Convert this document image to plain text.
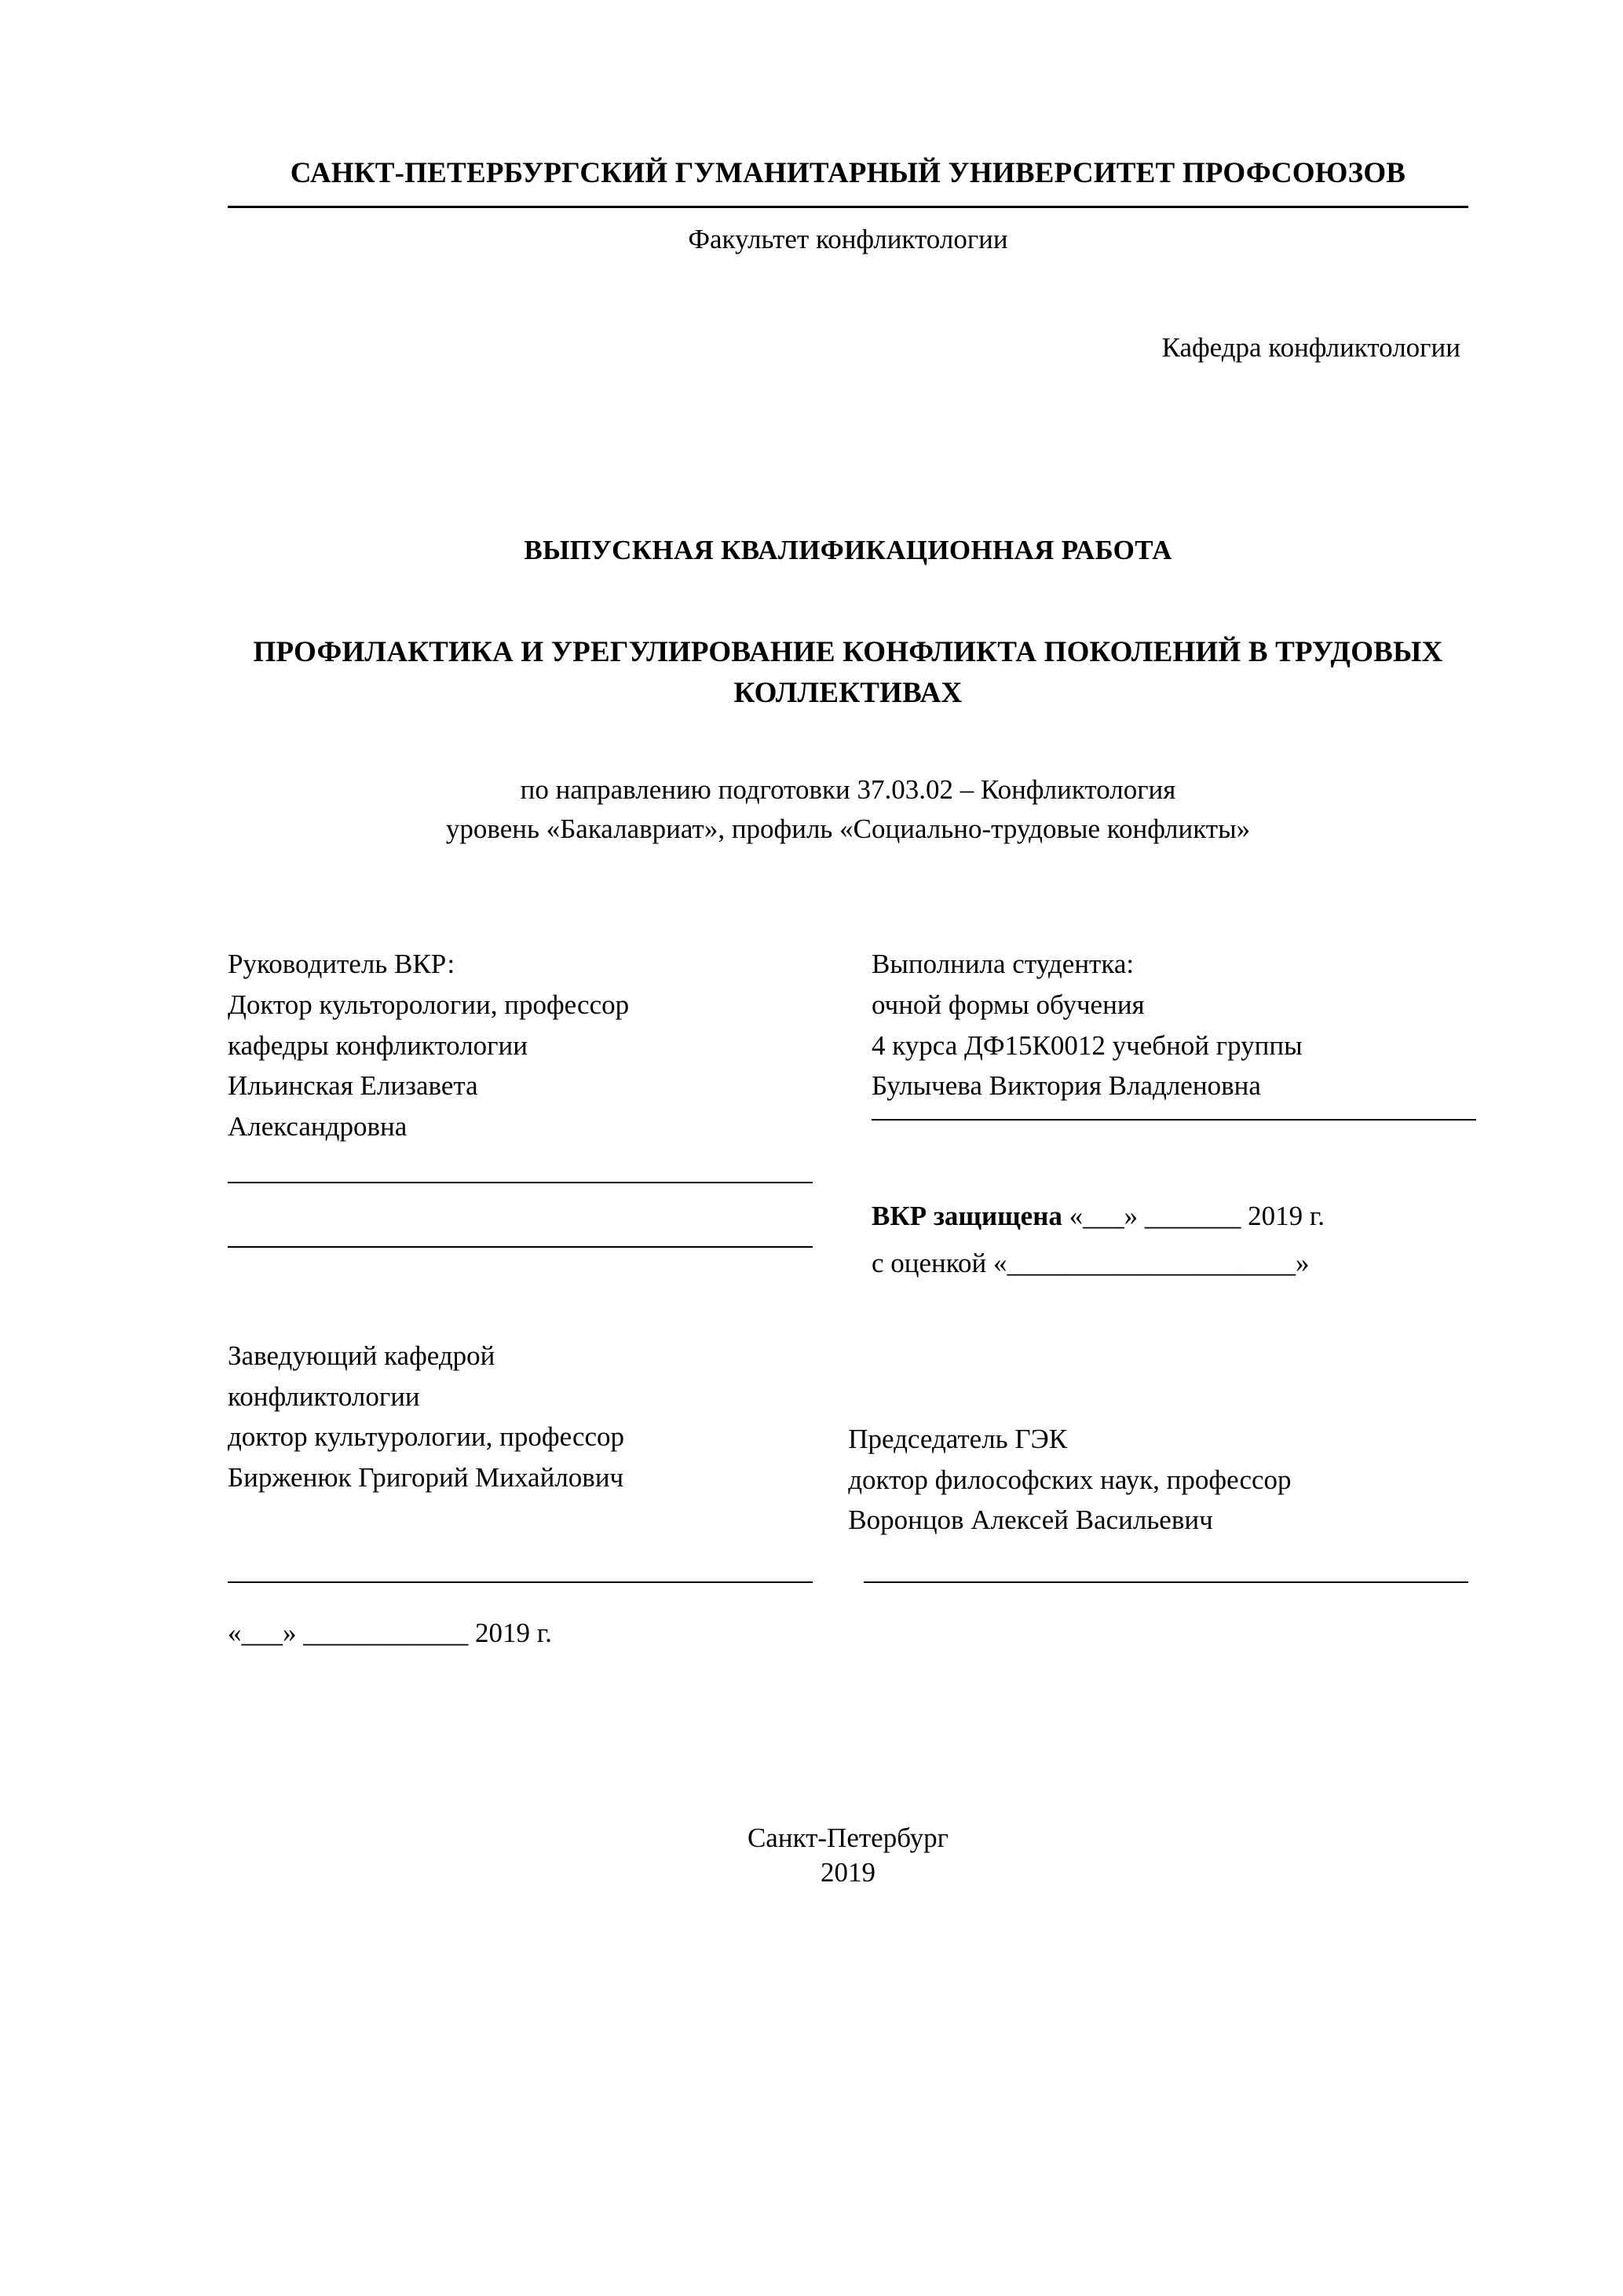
САНКТ-ПЕТЕРБУРГСКИЙ ГУМАНИТАРНЫЙ УНИВЕРСИТЕТ ПРОФСОЮЗОВ
Факультет конфликтологии
Кафедра конфликтологии
ВЫПУСКНАЯ КВАЛИФИКАЦИОННАЯ РАБОТА
ПРОФИЛАКТИКА И УРЕГУЛИРОВАНИЕ КОНФЛИКТА ПОКОЛЕНИЙ В ТРУДОВЫХ КОЛЛЕКТИВАХ
по направлению подготовки 37.03.02 – Конфликтология
уровень «Бакалавриат», профиль «Социально-трудовые конфликты»
Руководитель ВКР:
Доктор культорологии, профессор
кафедры конфликтологии
Ильинская Елизавета
Александровна
Выполнила студентка:
очной формы обучения
4 курса ДФ15К0012 учебной группы
Булычева Виктория Владленовна
ВКР защищена «___» _______ 2019 г.
с оценкой «_____________________»
Заведующий кафедрой
конфликтологии
доктор культурологии, профессор
Бирженюк Григорий Михайлович
Председатель ГЭК
доктор философских наук, профессор
Воронцов Алексей Васильевич
«___» ____________ 2019 г.
Санкт-Петербург
2019
